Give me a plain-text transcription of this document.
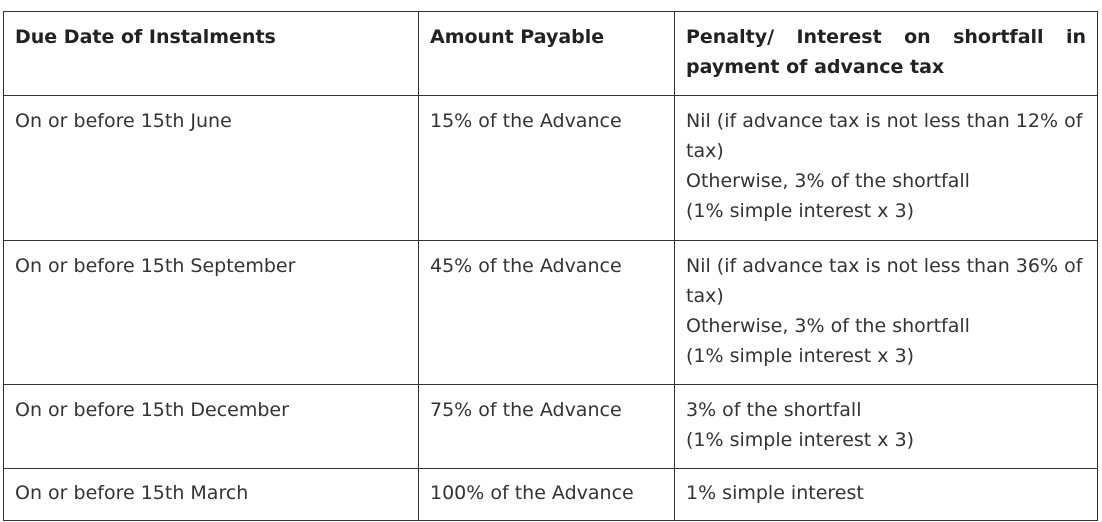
Due Date of Instalments	Amount Payable	Penalty/ Interest on shortfall in payment of advance tax
On or before 15th June	15% of the Advance	Nil (if advance tax is not less than 12% of tax)
Otherwise, 3% of the shortfall
(1% simple interest x 3)

On or before 15th September	45% of the Advance	Nil (if advance tax is not less than 36% of tax)
Otherwise, 3% of the shortfall
(1% simple interest x 3)

On or before 15th December	75% of the Advance	3% of the shortfall
(1% simple interest x 3)

On or before 15th March	100% of the Advance	1% simple interest
